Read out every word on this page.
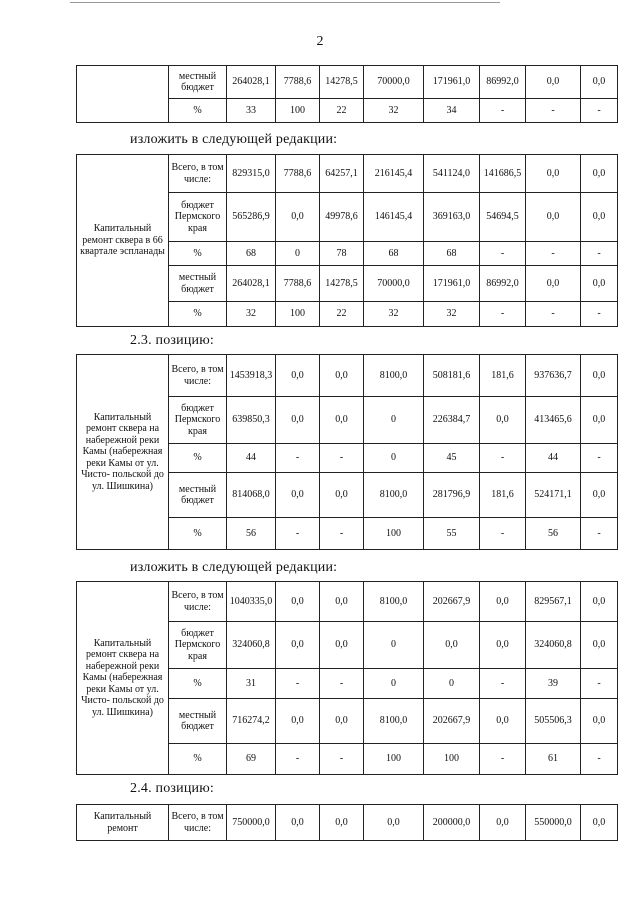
2
	местный бюджет	264028,1	7788,6	14278,5	70000,0	171961,0	86992,0	0,0	0,0
	%	33	100	22	32	34	-	-	-
изложить в следующей редакции:
Капитальный ремонт сквера в 66 квартале эспланады	Всего, в том числе:	829315,0	7788,6	64257,1	216145,4	541124,0	141686,5	0,0	0,0
	бюджет Пермского края	565286,9	0,0	49978,6	146145,4	369163,0	54694,5	0,0	0,0
	%	68	0	78	68	68	-	-	-
	местный бюджет	264028,1	7788,6	14278,5	70000,0	171961,0	86992,0	0,0	0,0
	%	32	100	22	32	32	-	-	-
2.3. позицию:
Капитальный ремонт сквера на набережной реки Камы (набережная реки Камы от ул. Чисто- польской до ул. Шишкина)	Всего, в том числе:	1453918,3	0,0	0,0	8100,0	508181,6	181,6	937636,7	0,0
	бюджет Пермского края	639850,3	0,0	0,0	0	226384,7	0,0	413465,6	0,0
	%	44	-	-	0	45	-	44	-
	местный бюджет	814068,0	0,0	0,0	8100,0	281796,9	181,6	524171,1	0,0
	%	56	-	-	100	55	-	56	-
изложить в следующей редакции:
Капитальный ремонт сквера на набережной реки Камы (набережная реки Камы от ул. Чисто- польской до ул. Шишкина)	Всего, в том числе:	1040335,0	0,0	0,0	8100,0	202667,9	0,0	829567,1	0,0
	бюджет Пермского края	324060,8	0,0	0,0	0	0,0	0,0	324060,8	0,0
	%	31	-	-	0	0	-	39	-
	местный бюджет	716274,2	0,0	0,0	8100,0	202667,9	0,0	505506,3	0,0
	%	69	-	-	100	100	-	61	-
2.4. позицию:
Капитальный ремонт	Всего, в том числе:	750000,0	0,0	0,0	0,0	200000,0	0,0	550000,0	0,0
